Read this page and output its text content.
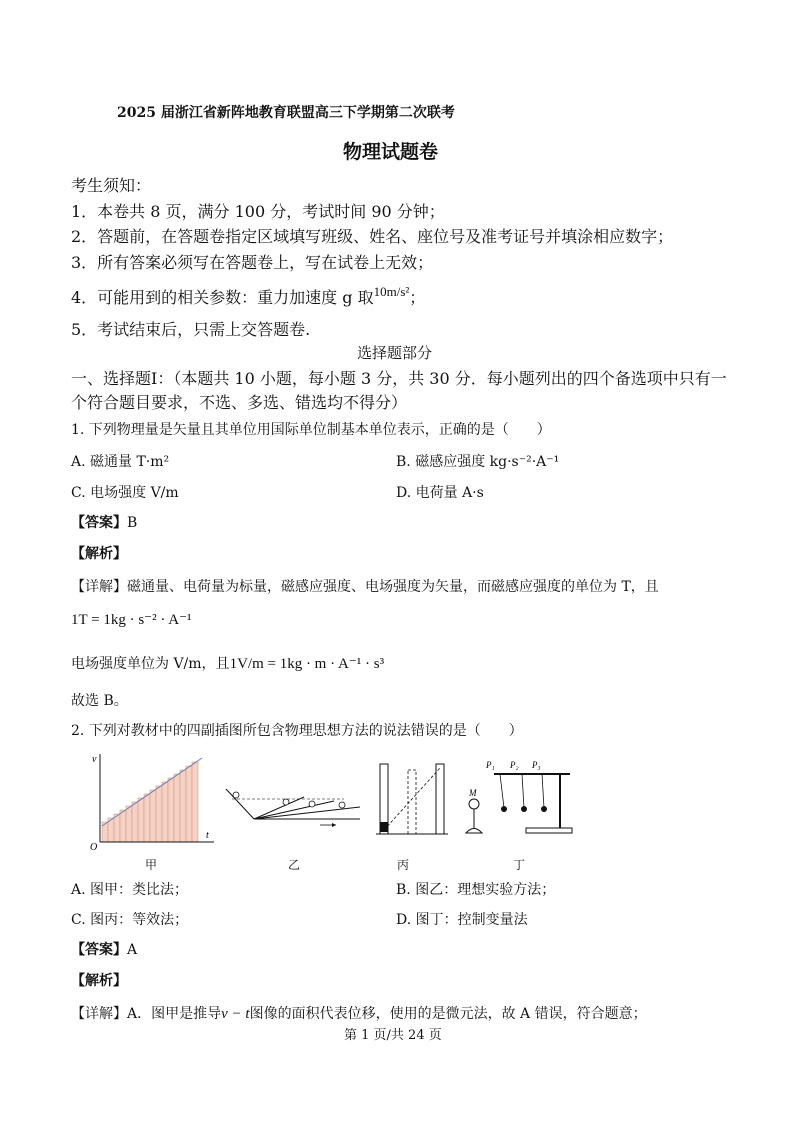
2025 届浙江省新阵地教育联盟高三下学期第二次联考
物理试题卷
考生须知：
1．本卷共 8 页，满分 100 分，考试时间 90 分钟；
2．答题前，在答题卷指定区域填写班级、姓名、座位号及准考证号并填涂相应数字；
3．所有答案必须写在答题卷上，写在试卷上无效；
4．可能用到的相关参数：重力加速度 g 取$^{10m/s^2}$；
5．考试结束后，只需上交答题卷.
选择题部分
一、选择题Ⅰ：（本题共 10 小题，每小题 3 分，共 30 分．每小题列出的四个备选项中只有一
个符合题目要求，不选、多选、错选均不得分）
1. 下列物理量是矢量且其单位用国际单位制基本单位表示，正确的是（　　）
A. 磁通量 T·m²	B. 磁感应强度 kg·s⁻²·A⁻¹
C. 电场强度 V/m	D. 电荷量 A·s
【答案】B
【解析】
【详解】磁通量、电荷量为标量，磁感应强度、电场强度为矢量，而磁感应强度的单位为 T，且
1T = 1kg · s⁻² · A⁻¹
电场强度单位为 V/m，且1V/m = 1kg · m · A⁻¹ · s³
故选 B。
2. 下列对教材中的四副插图所包含物理思想方法的说法错误的是（　　）
v
t
O
甲	乙	丙
P₁ P₂ P₃
M
丁
A. 图甲：类比法；	B. 图乙：理想实验方法；
C. 图丙：等效法；	D. 图丁：控制变量法
【答案】A
【解析】
【详解】A．图甲是推导v − t图像的面积代表位移，使用的是微元法，故 A 错误，符合题意；
第 1 页/共 24 页
